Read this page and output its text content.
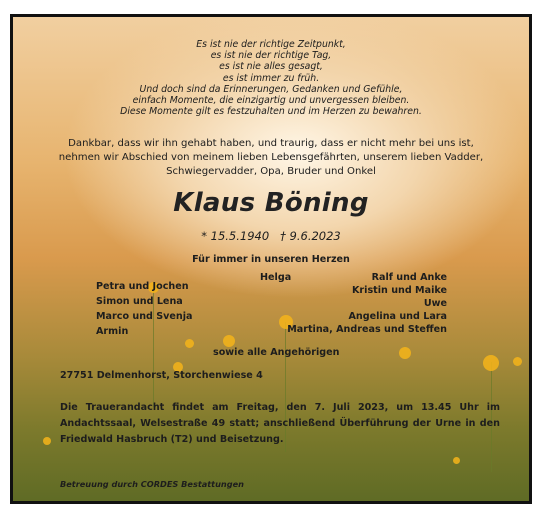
Es ist nie der richtige Zeitpunkt,
es ist nie der richtige Tag,
es ist nie alles gesagt,
es ist immer zu früh.
Und doch sind da Erinnerungen, Gedanken und Gefühle,
einfach Momente, die einzigartig und unvergessen bleiben.
Diese Momente gilt es festzuhalten und im Herzen zu bewahren.
Dankbar, dass wir ihn gehabt haben, und traurig, dass er nicht mehr bei uns ist,
nehmen wir Abschied von meinem lieben Lebensgefährten, unserem lieben Vadder,
Schwiegervadder, Opa, Bruder und Onkel
Klaus Böning
* 15.5.1940   † 9.6.2023
Für immer in unseren Herzen
Helga
Petra und Jochen
Simon und Lena
Marco und Svenja
Armin
Ralf und Anke
Kristin und Maike
Uwe
Angelina und Lara
Martina, Andreas und Steffen
sowie alle Angehörigen
27751 Delmenhorst, Storchenwiese 4
Die Trauerandacht findet am Freitag, den 7. Juli 2023, um 13.45 Uhr im Andachtssaal, Welsestraße 49 statt; anschließend Überführung der Urne in den Friedwald Hasbruch (T2) und Beisetzung.
Betreuung durch CORDES Bestattungen
